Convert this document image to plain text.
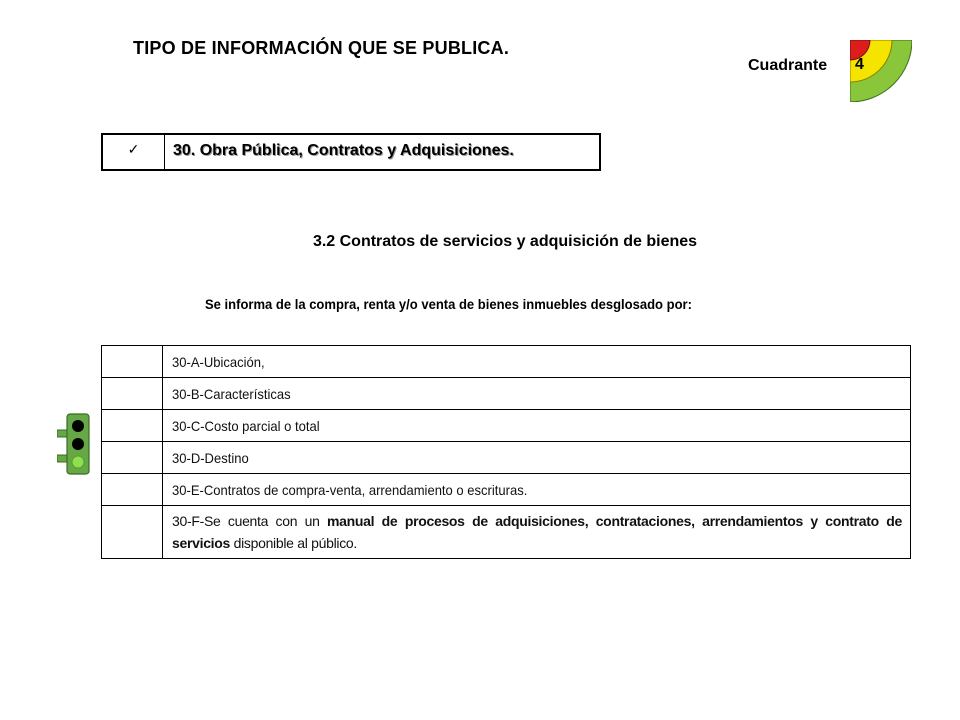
TIPO DE INFORMACIÓN QUE SE PUBLICA.
Cuadrante 4
✓	30. Obra Pública, Contratos y Adquisiciones.
3.2 Contratos de servicios y adquisición de bienes
Se informa de la compra, renta y/o venta de bienes inmuebles desglosado por:
	30-A-Ubicación,
	30-B-Características
	30-C-Costo parcial o total
	30-D-Destino
	30-E-Contratos de compra-venta, arrendamiento o escrituras.

	30-F-Se cuenta con un manual de procesos de adquisiciones, contrataciones, arrendamientos y contrato de servicios disponible al público.
